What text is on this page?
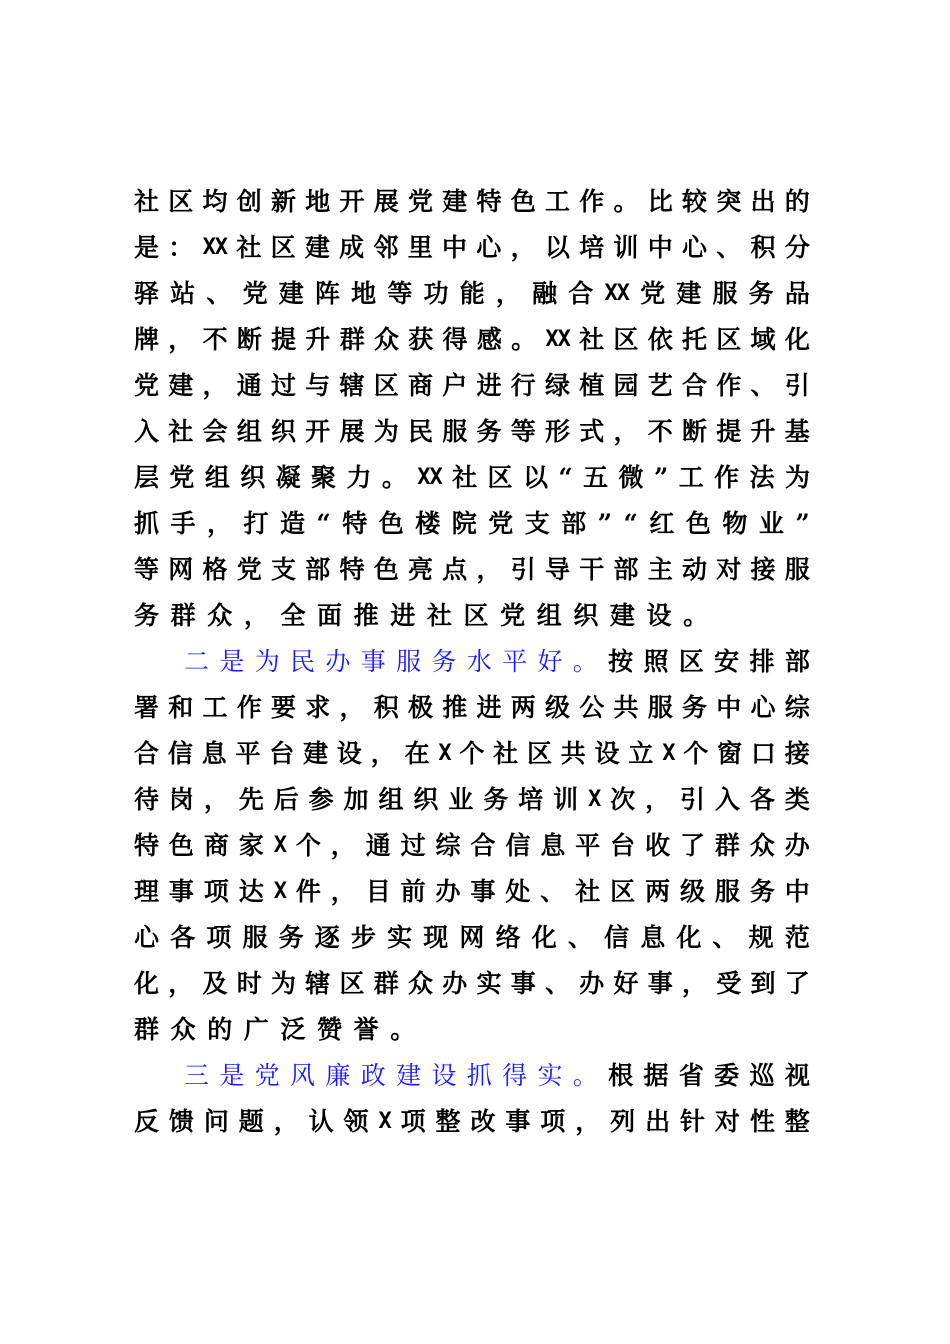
社 区 均 创 新 地 开 展 党 建 特 色 工 作 。 比 较 突 出 的
是 ： XX 社 区 建 成 邻 里 中 心 ， 以 培 训 中 心 、 积 分
驿 站 、 党 建 阵 地 等 功 能 ， 融 合 XX 党 建 服 务 品
牌 ， 不 断 提 升 群 众 获 得 感 。 XX 社 区 依 托 区 域 化
党 建 ， 通 过 与 辖 区 商 户 进 行 绿 植 园 艺 合 作 、 引
入 社 会 组 织 开 展 为 民 服 务 等 形 式 ， 不 断 提 升 基
层 党 组 织 凝 聚 力 。 XX 社 区 以 “ 五 微 ” 工 作 法 为
抓 手 ， 打 造 “ 特 色 楼 院 党 支 部 ” “ 红 色 物 业 ”
等 网 格 党 支 部 特 色 亮 点 ， 引 导 干 部 主 动 对 接 服
务 群 众 ， 全 面 推 进 社 区 党 组 织 建 设 。
二 是 为 民 办 事 服 务 水 平 好 。 按 照 区 安 排 部
署 和 工 作 要 求 ， 积 极 推 进 两 级 公 共 服 务 中 心 综
合 信 息 平 台 建 设 ， 在 X 个 社 区 共 设 立 X 个 窗 口 接
待 岗 ， 先 后 参 加 组 织 业 务 培 训 X 次 ， 引 入 各 类
特 色 商 家 X 个 ， 通 过 综 合 信 息 平 台 收 了 群 众 办
理 事 项 达 X 件 ， 目 前 办 事 处 、 社 区 两 级 服 务 中
心 各 项 服 务 逐 步 实 现 网 络 化 、 信 息 化 、 规 范
化 ， 及 时 为 辖 区 群 众 办 实 事 、 办 好 事 ， 受 到 了
群 众 的 广 泛 赞 誉 。
三 是 党 风 廉 政 建 设 抓 得 实 。 根 据 省 委 巡 视
反 馈 问 题 ， 认 领 X 项 整 改 事 项 ， 列 出 针 对 性 整
